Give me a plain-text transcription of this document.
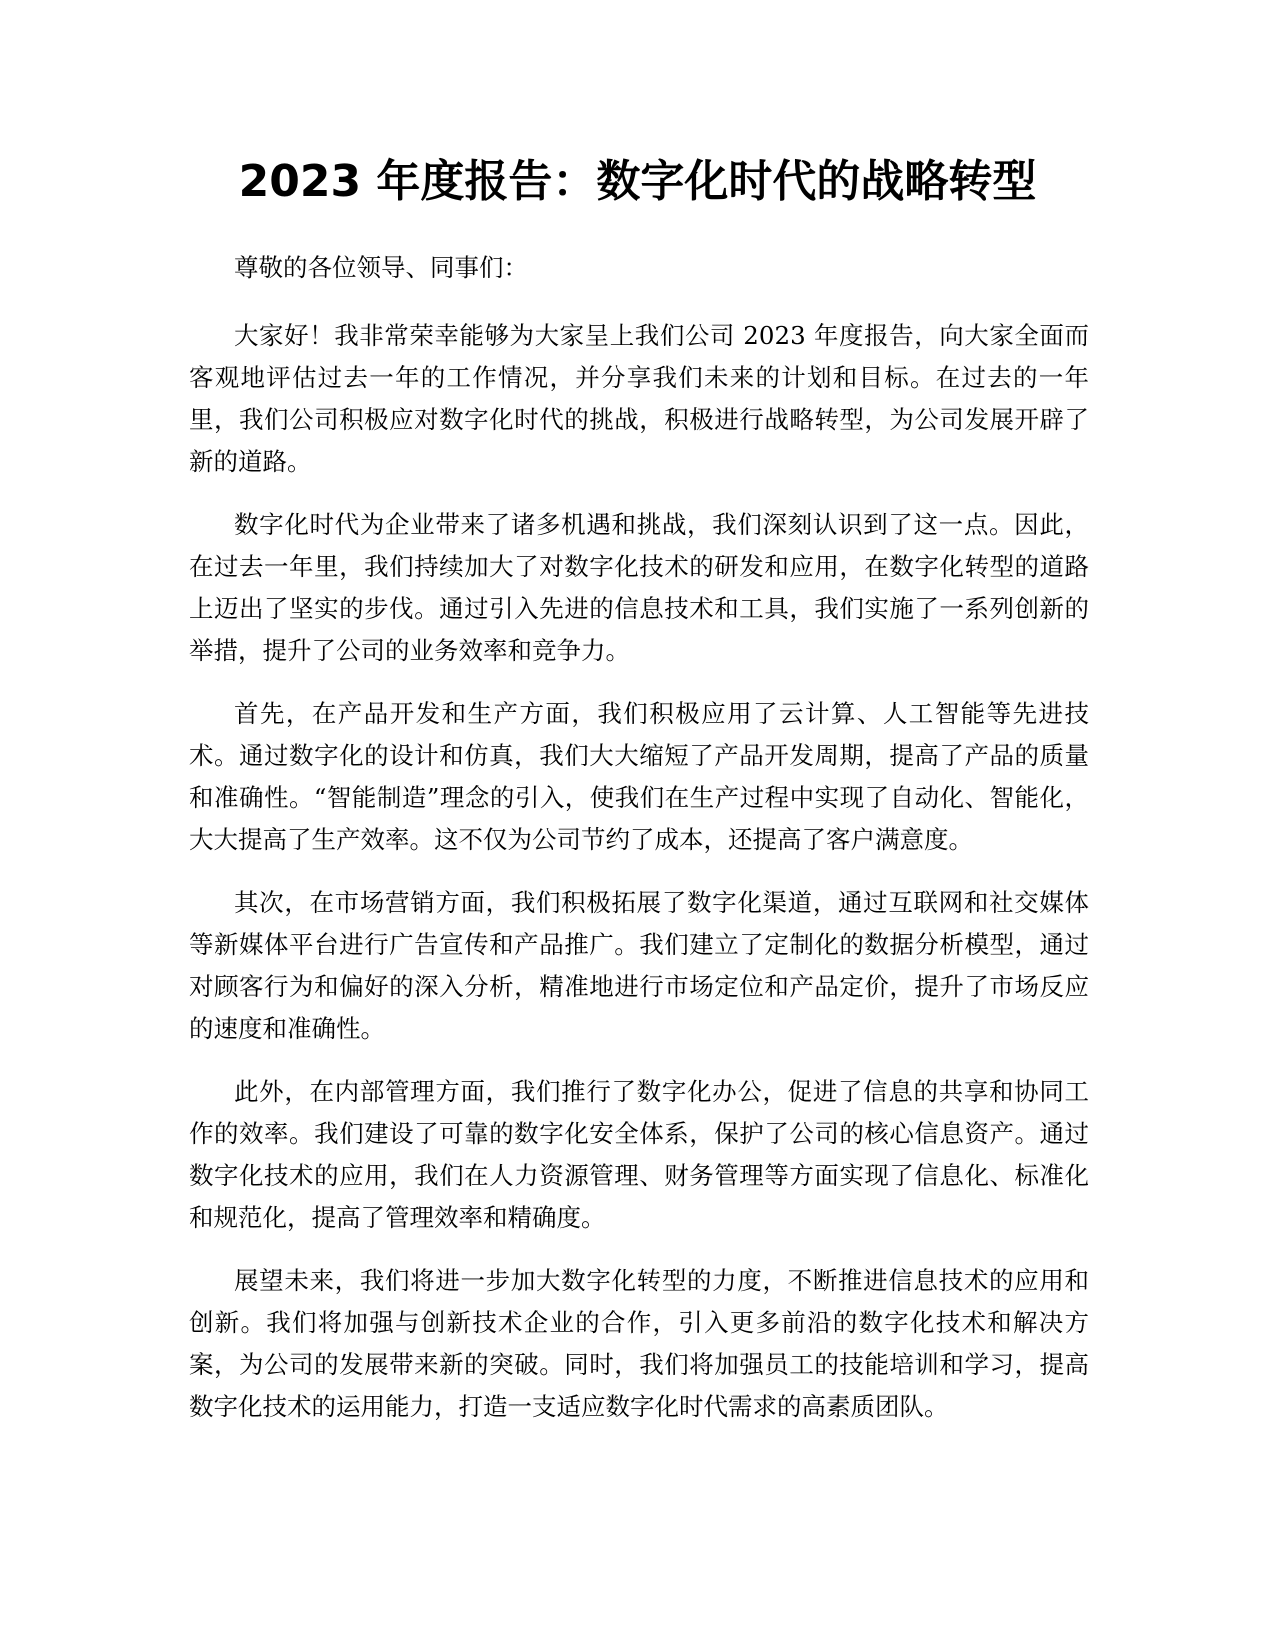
2023 年度报告：数字化时代的战略转型

尊敬的各位领导、同事们：

大家好！我非常荣幸能够为大家呈上我们公司 2023 年度报告，向大家全面而客观地评估过去一年的工作情况，并分享我们未来的计划和目标。在过去的一年里，我们公司积极应对数字化时代的挑战，积极进行战略转型，为公司发展开辟了新的道路。

数字化时代为企业带来了诸多机遇和挑战，我们深刻认识到了这一点。因此，在过去一年里，我们持续加大了对数字化技术的研发和应用，在数字化转型的道路上迈出了坚实的步伐。通过引入先进的信息技术和工具，我们实施了一系列创新的举措，提升了公司的业务效率和竞争力。

首先，在产品开发和生产方面，我们积极应用了云计算、人工智能等先进技术。通过数字化的设计和仿真，我们大大缩短了产品开发周期，提高了产品的质量和准确性。“智能制造”理念的引入，使我们在生产过程中实现了自动化、智能化，大大提高了生产效率。这不仅为公司节约了成本，还提高了客户满意度。

其次，在市场营销方面，我们积极拓展了数字化渠道，通过互联网和社交媒体等新媒体平台进行广告宣传和产品推广。我们建立了定制化的数据分析模型，通过对顾客行为和偏好的深入分析，精准地进行市场定位和产品定价，提升了市场反应的速度和准确性。

此外，在内部管理方面，我们推行了数字化办公，促进了信息的共享和协同工作的效率。我们建设了可靠的数字化安全体系，保护了公司的核心信息资产。通过数字化技术的应用，我们在人力资源管理、财务管理等方面实现了信息化、标准化和规范化，提高了管理效率和精确度。

展望未来，我们将进一步加大数字化转型的力度，不断推进信息技术的应用和创新。我们将加强与创新技术企业的合作，引入更多前沿的数字化技术和解决方案，为公司的发展带来新的突破。同时，我们将加强员工的技能培训和学习，提高数字化技术的运用能力，打造一支适应数字化时代需求的高素质团队。
